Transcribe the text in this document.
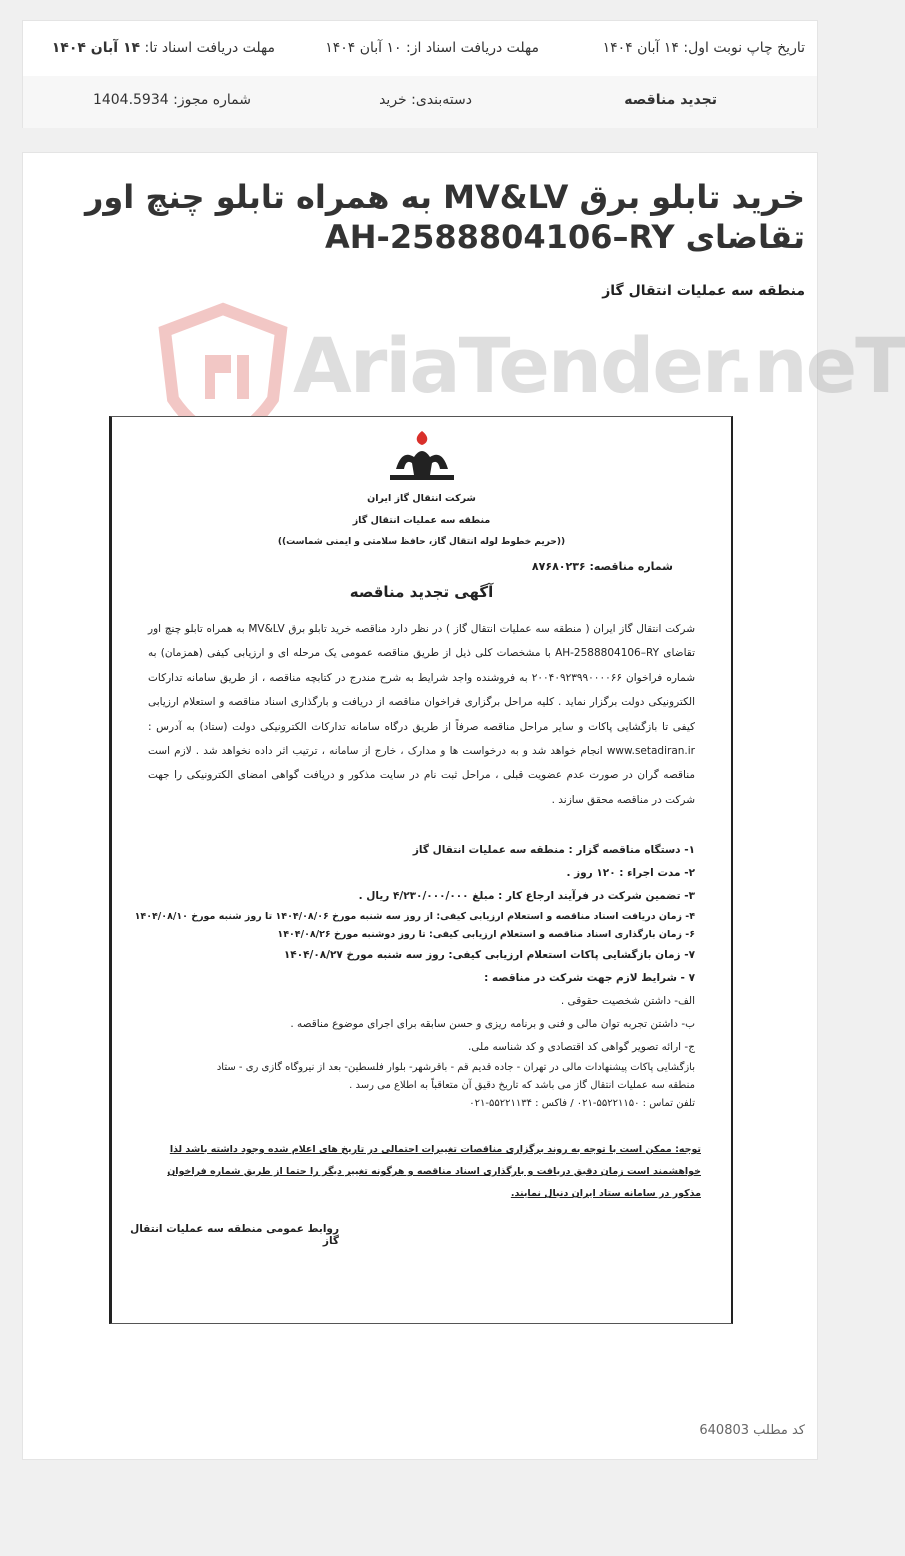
تاریخ چاپ نوبت اول: ۱۴ آبان ۱۴۰۴
مهلت دریافت اسناد از: ۱۰ آبان ۱۴۰۴
مهلت دریافت اسناد تا: ۱۴ آبان ۱۴۰۴
تجدید مناقصه
دسته‌بندی: خرید
شماره مجوز: 1404.5934
خرید تابلو برق MV&LV به همراه تابلو چنچ اور تقاضای AH-2588804106–RY
منطقه سه عملیات انتقال گاز
AriaTender.neT
شرکت انتقال گاز ایران
منطقه سه عملیات انتقال گاز
((حریم خطوط لوله انتقال گاز، حافظ سلامتی و ایمنی شماست))
شماره مناقصه: ۸۷۶۸۰۲۳۶
آگهی تجدید مناقصه
شرکت انتقال گاز ایران ( منطقه سه عملیات انتقال گاز ) در نظر دارد مناقصه خرید تابلو برق MV&LV به همراه تابلو چنچ اور تقاضای AH-2588804106–RY با مشخصات کلی ذیل از طریق مناقصه عمومی یک مرحله ای و ارزیابی کیفی (همزمان) به شماره فراخوان ۲۰۰۴۰۹۲۳۹۹۰۰۰۰۶۶ به فروشنده واجد شرایط به شرح مندرج در کتابچه مناقصه ، از طریق سامانه تدارکات الکترونیکی دولت برگزار نماید . کلیه مراحل برگزاری فراخوان مناقصه از دریافت و بارگذاری اسناد مناقصه و استعلام ارزیابی کیفی تا بازگشایی پاکات و سایر مراحل مناقصه صرفاً از طریق درگاه سامانه تدارکات الکترونیکی دولت (ستاد) به آدرس : www.setadiran.ir انجام خواهد شد و به درخواست ها و مدارک ، خارج از سامانه ، ترتیب اثر داده نخواهد شد . لازم است مناقصه گران در صورت عدم عضویت قبلی ، مراحل ثبت نام در سایت مذکور و دریافت گواهی امضای الکترونیکی را جهت شرکت در مناقصه محقق سازند .
۱- دستگاه مناقصه گزار : منطقه سه عملیات انتقال گاز
۲- مدت اجراء : ۱۲۰ روز .
۳- تضمین شرکت در فرآیند ارجاع کار : مبلغ ۴/۲۳۰/۰۰۰/۰۰۰ ریال .
۴- زمان دریافت اسناد مناقصه و استعلام ارزیابی کیفی: از روز سه شنبه مورخ ۱۴۰۴/۰۸/۰۶ تا روز شنبه مورخ ۱۴۰۴/۰۸/۱۰
۶- زمان بارگذاری اسناد مناقصه و استعلام ارزیابی کیفی: تا روز دوشنبه مورخ ۱۴۰۴/۰۸/۲۶
۷- زمان بازگشایی پاکات استعلام ارزیابی کیفی: روز سه شنبه مورخ ۱۴۰۴/۰۸/۲۷
۷ - شرایط لازم جهت شرکت در مناقصه :
الف- داشتن شخصیت حقوقی .
ب- داشتن تجربه توان مالی و فنی و برنامه ریزی و حسن سابقه برای اجرای موضوع مناقصه .
ج- ارائه تصویر گواهی کد اقتصادی و کد شناسه ملی.
بازگشایی پاکات پیشنهادات مالی در تهران - جاده قدیم قم - باقرشهر- بلوار فلسطین- بعد از نیروگاه گازی ری - ستاد
منطقه سه عملیات انتقال گاز می باشد که تاریخ دقیق آن متعاقباً به اطلاع می رسد .
تلفن تماس : ۵۵۲۲۱۱۵۰-۰۲۱ / فاکس : ۵۵۲۲۱۱۳۴-۰۲۱
توجه: ممکن است با توجه به روند برگزاری مناقصات تغییرات احتمالی در تاریخ های اعلام شده وجود داشته باشد لذا خواهشمند است زمان دقیق دریافت و بارگذاری اسناد مناقصه و هرگونه تغییر دیگر را حتما از طریق شماره فراخوان مذکور در سامانه ستاد ایران دنبال نمایند.
روابط عمومی منطقه سه عملیات انتقال گاز
کد مطلب 640803
